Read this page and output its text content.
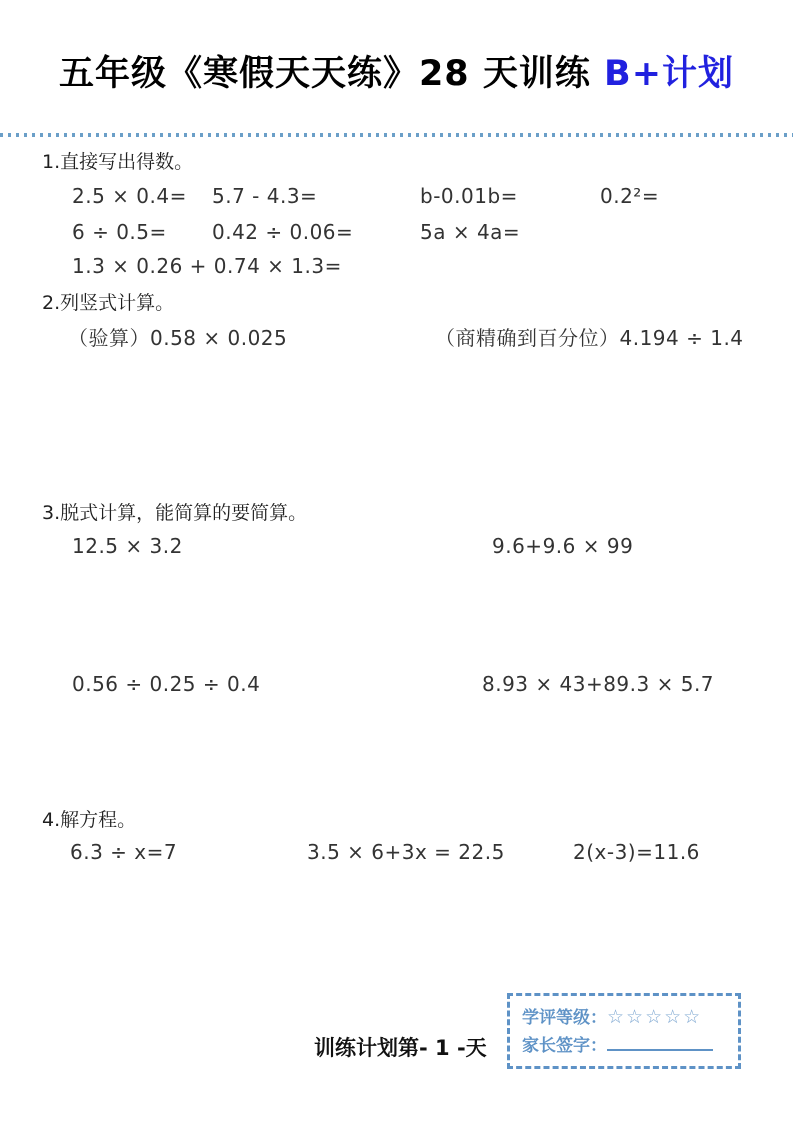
五年级《寒假天天练》28 天训练 B+计划
1.直接写出得数。
2.5 × 0.4= 5.7 - 4.3=	b-0.01b=	0.2²=
6 ÷ 0.5= 0.42 ÷ 0.06=	5a × 4a=
1.3 × 0.26 + 0.74 × 1.3=
2.列竖式计算。
（验算）0.58 × 0.025	（商精确到百分位）4.194 ÷ 1.4
3.脱式计算，能简算的要简算。
12.5 × 3.2	9.6+9.6 × 99
0.56 ÷ 0.25 ÷ 0.4	8.93 × 43+89.3 × 5.7
4.解方程。
6.3 ÷ x=7	3.5 × 6+3x = 22.5	2(x-3)=11.6
训练计划第- 1 -天
学评等级：☆☆☆☆☆
家长签字：
